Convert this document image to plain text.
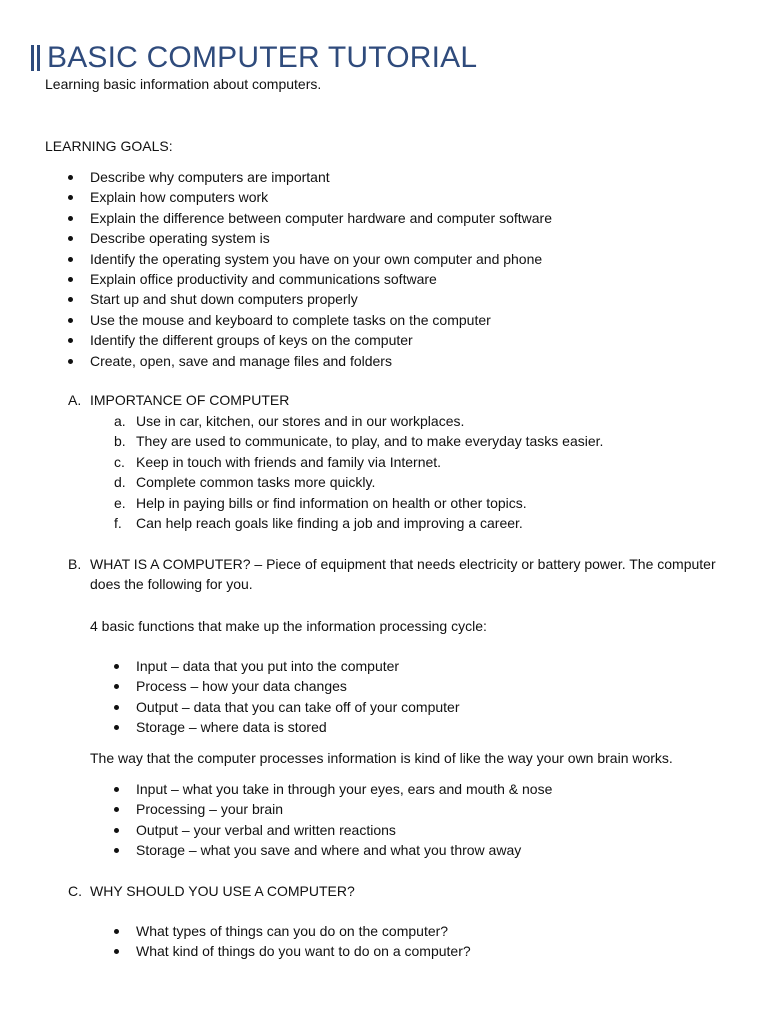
BASIC COMPUTER TUTORIAL
Learning basic information about computers.
LEARNING GOALS:
Describe why computers are important
Explain how computers work
Explain the difference between computer hardware and computer software
Describe operating system is
Identify the operating system you have on your own computer and phone
Explain office productivity and communications software
Start up and shut down computers properly
Use the mouse and keyboard to complete tasks on the computer
Identify the different groups of keys on the computer
Create, open, save and manage files and folders
A. IMPORTANCE OF COMPUTER
a. Use in car, kitchen, our stores and in our workplaces.
b. They are used to communicate, to play, and to make everyday tasks easier.
c. Keep in touch with friends and family via Internet.
d. Complete common tasks more quickly.
e. Help in paying bills or find information on health or other topics.
f. Can help reach goals like finding a job and improving a career.
B. WHAT IS A COMPUTER? – Piece of equipment that needs electricity or battery power. The computer
does the following for you.
4 basic functions that make up the information processing cycle:
Input – data that you put into the computer
Process – how your data changes
Output – data that you can take off of your computer
Storage – where data is stored
The way that the computer processes information is kind of like the way your own brain works.
Input – what you take in through your eyes, ears and mouth & nose
Processing – your brain
Output – your verbal and written reactions
Storage – what you save and where and what you throw away
C. WHY SHOULD YOU USE A COMPUTER?
What types of things can you do on the computer?
What kind of things do you want to do on a computer?
